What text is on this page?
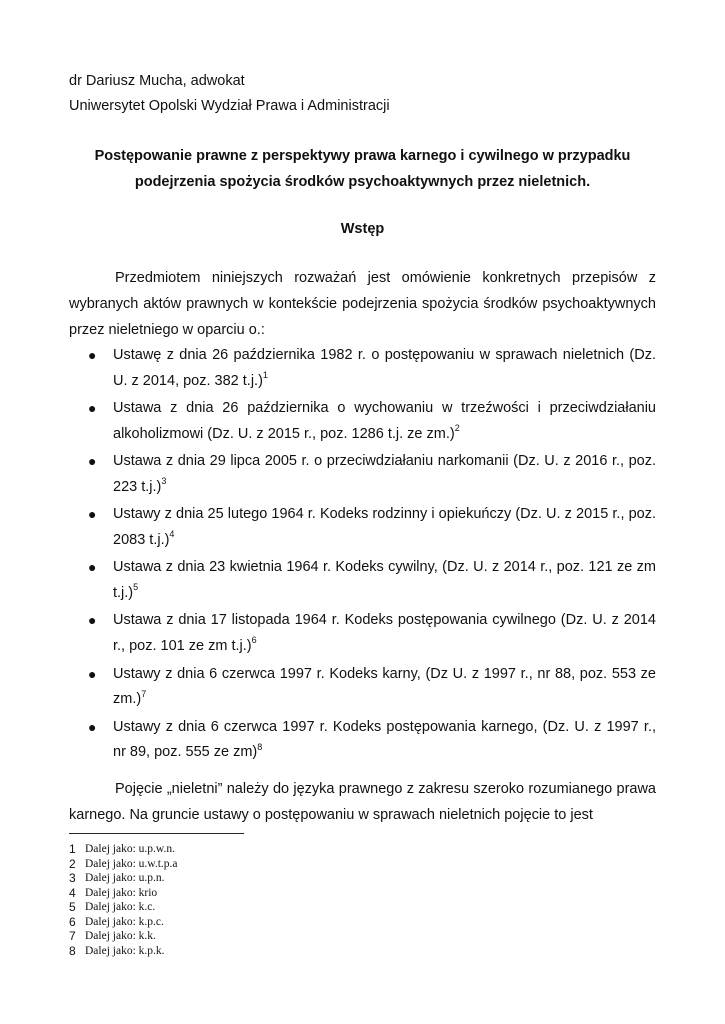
dr Dariusz Mucha, adwokat
Uniwersytet Opolski Wydział Prawa i Administracji
Postępowanie prawne z perspektywy prawa karnego i cywilnego w przypadku
podejrzenia spożycia środków psychoaktywnych przez nieletnich.
Wstęp

Przedmiotem niniejszych rozważań jest omówienie konkretnych przepisów z wybranych aktów prawnych w kontekście podejrzenia spożycia środków psychoaktywnych przez nieletniego w oparciu o.:

● Ustawę z dnia 26 października 1982 r. o postępowaniu w sprawach nieletnich (Dz. U. z 2014, poz. 382 t.j.)$^1$
● Ustawa z dnia 26 października o wychowaniu w trzeźwości i przeciwdziałaniu alkoholizmowi (Dz. U. z 2015 r., poz. 1286 t.j. ze zm.)$^2$
● Ustawa z dnia 29 lipca 2005 r. o przeciwdziałaniu narkomanii (Dz. U. z 2016 r., poz. 223 t.j.)$^3$
● Ustawy z dnia 25 lutego 1964 r. Kodeks rodzinny i opiekuńczy (Dz. U. z 2015 r., poz. 2083 t.j.)$^4$
● Ustawa z dnia 23 kwietnia 1964 r. Kodeks cywilny, (Dz. U. z 2014 r., poz. 121 ze zm t.j.)$^5$
● Ustawa z dnia 17 listopada 1964 r. Kodeks postępowania cywilnego (Dz. U. z 2014 r., poz. 101 ze zm t.j.)$^6$
● Ustawy z dnia 6 czerwca 1997 r. Kodeks karny, (Dz U. z 1997 r., nr 88, poz. 553 ze zm.)$^7$
● Ustawy z dnia 6 czerwca 1997 r. Kodeks postępowania karnego, (Dz. U. z 1997 r., nr 89, poz. 555 ze zm)$^8$

Pojęcie „nieletni” należy do języka prawnego z zakresu szeroko rozumianego prawa karnego. Na gruncie ustawy o postępowaniu w sprawach nieletnich pojęcie to jest

1 Dalej jako: u.p.w.n.
2 Dalej jako: u.w.t.p.a
3 Dalej jako: u.p.n.
4 Dalej jako: krio
5 Dalej jako: k.c.
6 Dalej jako: k.p.c.
7 Dalej jako: k.k.
8 Dalej jako: k.p.k.
